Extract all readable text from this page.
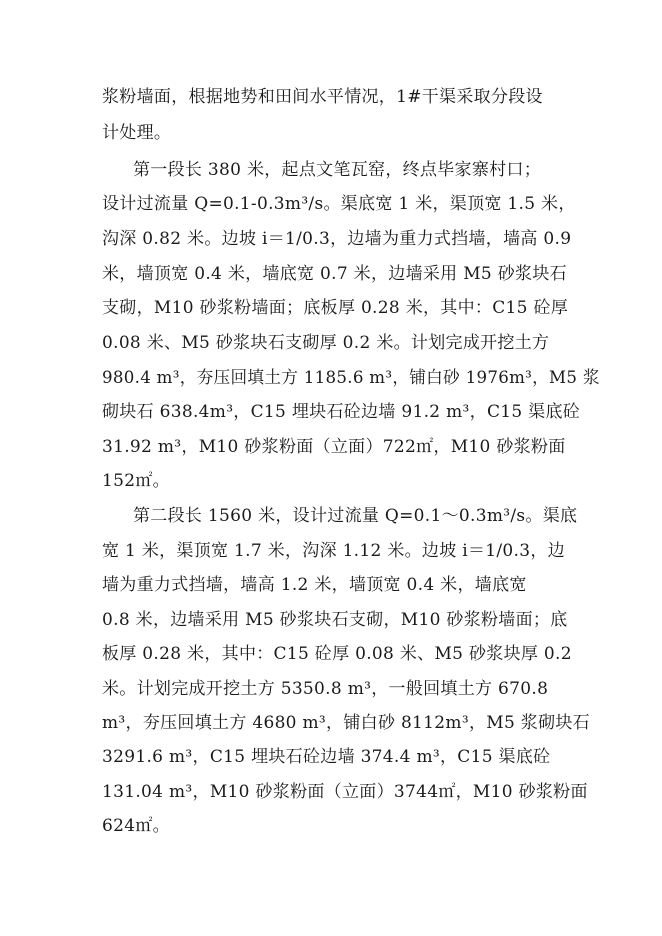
浆粉墙面，根据地势和田间水平情况，1#干渠采取分段设
计处理。
第一段长 380 米，起点文笔瓦窑，终点毕家寨村口；
设计过流量 Q=0.1-0.3m³/s。渠底宽 1 米，渠顶宽 1.5 米，
沟深 0.82 米。边坡 i＝1/0.3，边墙为重力式挡墙，墙高 0.9
米，墙顶宽 0.4 米，墙底宽 0.7 米，边墙采用 M5 砂浆块石
支砌，M10 砂浆粉墙面；底板厚 0.28 米，其中：C15 砼厚
0.08 米、M5 砂浆块石支砌厚 0.2 米。计划完成开挖土方
980.4 m³，夯压回填土方 1185.6 m³，铺白砂 1976m³，M5 浆
砌块石 638.4m³，C15 埋块石砼边墙 91.2 m³，C15 渠底砼
31.92 m³，M10 砂浆粉面（立面）722㎡，M10 砂浆粉面
152㎡。
第二段长 1560 米，设计过流量 Q=0.1～0.3m³/s。渠底
宽 1 米，渠顶宽 1.7 米，沟深 1.12 米。边坡 i＝1/0.3，边
墙为重力式挡墙，墙高 1.2 米，墙顶宽 0.4 米，墙底宽
0.8 米，边墙采用 M5 砂浆块石支砌，M10 砂浆粉墙面；底
板厚 0.28 米，其中：C15 砼厚 0.08 米、M5 砂浆块厚 0.2
米。计划完成开挖土方 5350.8 m³，一般回填土方 670.8
m³，夯压回填土方 4680 m³，铺白砂 8112m³，M5 浆砌块石
3291.6 m³，C15 埋块石砼边墙 374.4 m³，C15 渠底砼
131.04 m³，M10 砂浆粉面（立面）3744㎡，M10 砂浆粉面
624㎡。
